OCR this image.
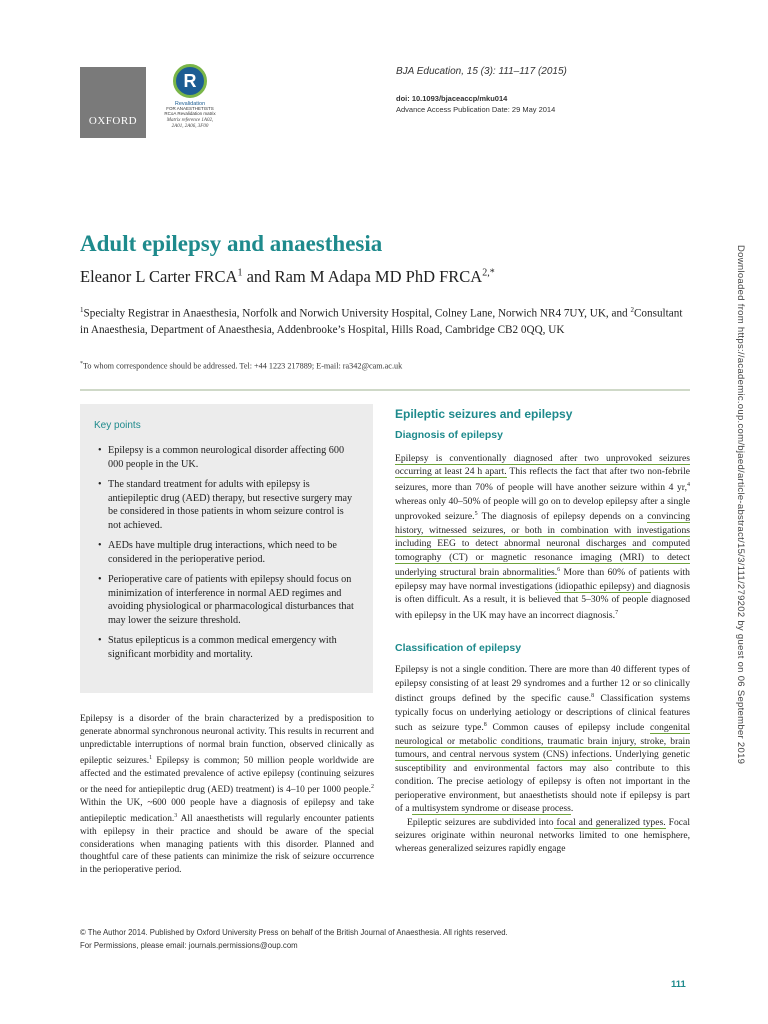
OXFORD
R
Revalidation
FOR ANAESTHETISTS
RCoA Revalidation matrix
Matrix reference 1A02,
2A01, 2A06, 3F00
BJA Education, 15 (3): 111–117 (2015)
doi: 10.1093/bjaceaccp/mku014
Advance Access Publication Date: 29 May 2014
Downloaded from https://academic.oup.com/bjaed/article-abstract/15/3/111/279202 by guest on 06 September 2019
Adult epilepsy and anaesthesia
Eleanor L Carter FRCA$^1$ and Ram M Adapa MD PhD $FRCA^{2,*}$
$^1$Specialty Registrar in Anaesthesia, Norfolk and Norwich University Hospital, Colney Lane, Norwich NR4 7UY, UK, and $^2$Consultant in Anaesthesia, Department of Anaesthesia, Addenbrooke’s Hospital, Hills Road, Cambridge CB2 0QQ, UK
*To whom correspondence should be addressed. Tel: +44 1223 217889; E-mail: ra342@cam.ac.uk
Key points
• Epilepsy is a common neurological disorder affecting 600 000 people in the UK.
• The standard treatment for adults with epilepsy is antiepileptic drug (AED) therapy, but resective surgery may be considered in those patients in whom seizure control is not achieved.
• AEDs have multiple drug interactions, which need to be considered in the perioperative period.
• Perioperative care of patients with epilepsy should focus on minimization of interference in normal AED regimes and avoiding physiological or pharmacological disturbances that may lower the seizure threshold.
• Status epilepticus is a common medical emergency with significant morbidity and mortality.

Epilepsy is a disorder of the brain characterized by a predisposition to generate abnormal synchronous neuronal activity. This results in recurrent and unpredictable interruptions of normal brain function, observed clinically as epileptic seizures.$^1$ Epilepsy is common; 50 million people worldwide are affected and the estimated prevalence of active epilepsy (continuing seizures or the need for antiepileptic drug (AED) treatment) is 4–10 per 1000 people.$^2$ Within the UK, ~600 000 people have a diagnosis of epilepsy and take antiepileptic medication.$^3$ All anaesthetists will regularly encounter patients with epilepsy in their practice and should be aware of the special considerations when managing patients with this disorder. Planned and thoughtful care of these patients can minimize the risk of seizure occurrence in the perioperative period.

Epileptic seizures and epilepsy
Diagnosis of epilepsy

Epilepsy is conventionally diagnosed after two unprovoked seizures occurring at least 24 h apart. This reflects the fact that after two non-febrile seizures, more than 70% of people will have another seizure within 4 yr,$^4$ whereas only 40–50% of people will go on to develop epilepsy after a single unprovoked seizure.$^5$ The diagnosis of epilepsy depends on a convincing history, witnessed seizures, or both in combination with investigations including EEG to detect abnormal neuronal discharges and computed tomography (CT) or magnetic resonance imaging (MRI) to detect underlying structural brain abnormalities.$^6$ More than 60% of patients with epilepsy may have normal investigations (idiopathic epilepsy) and diagnosis is often difficult. As a result, it is believed that 5–30% of people diagnosed with epilepsy in the UK may have an incorrect diagnosis.$^7$

Classification of epilepsy

Epilepsy is not a single condition. There are more than 40 different types of epilepsy consisting of at least 29 syndromes and a further 12 or so clinically distinct groups defined by the specific cause.$^8$ Classification systems typically focus on underlying aetiology or descriptions of clinical features such as seizure type.$^8$ Common causes of epilepsy include congenital neurological or metabolic conditions, traumatic brain injury, stroke, brain tumours, and central nervous system (CNS) infections. Underlying genetic susceptibility and environmental factors may also contribute to this condition. The precise aetiology of epilepsy is often not important in the perioperative environment, but anaesthetists should note if epilepsy is part of a multisystem syndrome or disease process.

Epileptic seizures are subdivided into focal and generalized types. Focal seizures originate within neuronal networks limited to one hemisphere, whereas generalized seizures rapidly engage

© The Author 2014. Published by Oxford University Press on behalf of the British Journal of Anaesthesia. All rights reserved.
For Permissions, please email: journals.permissions@oup.com
111
